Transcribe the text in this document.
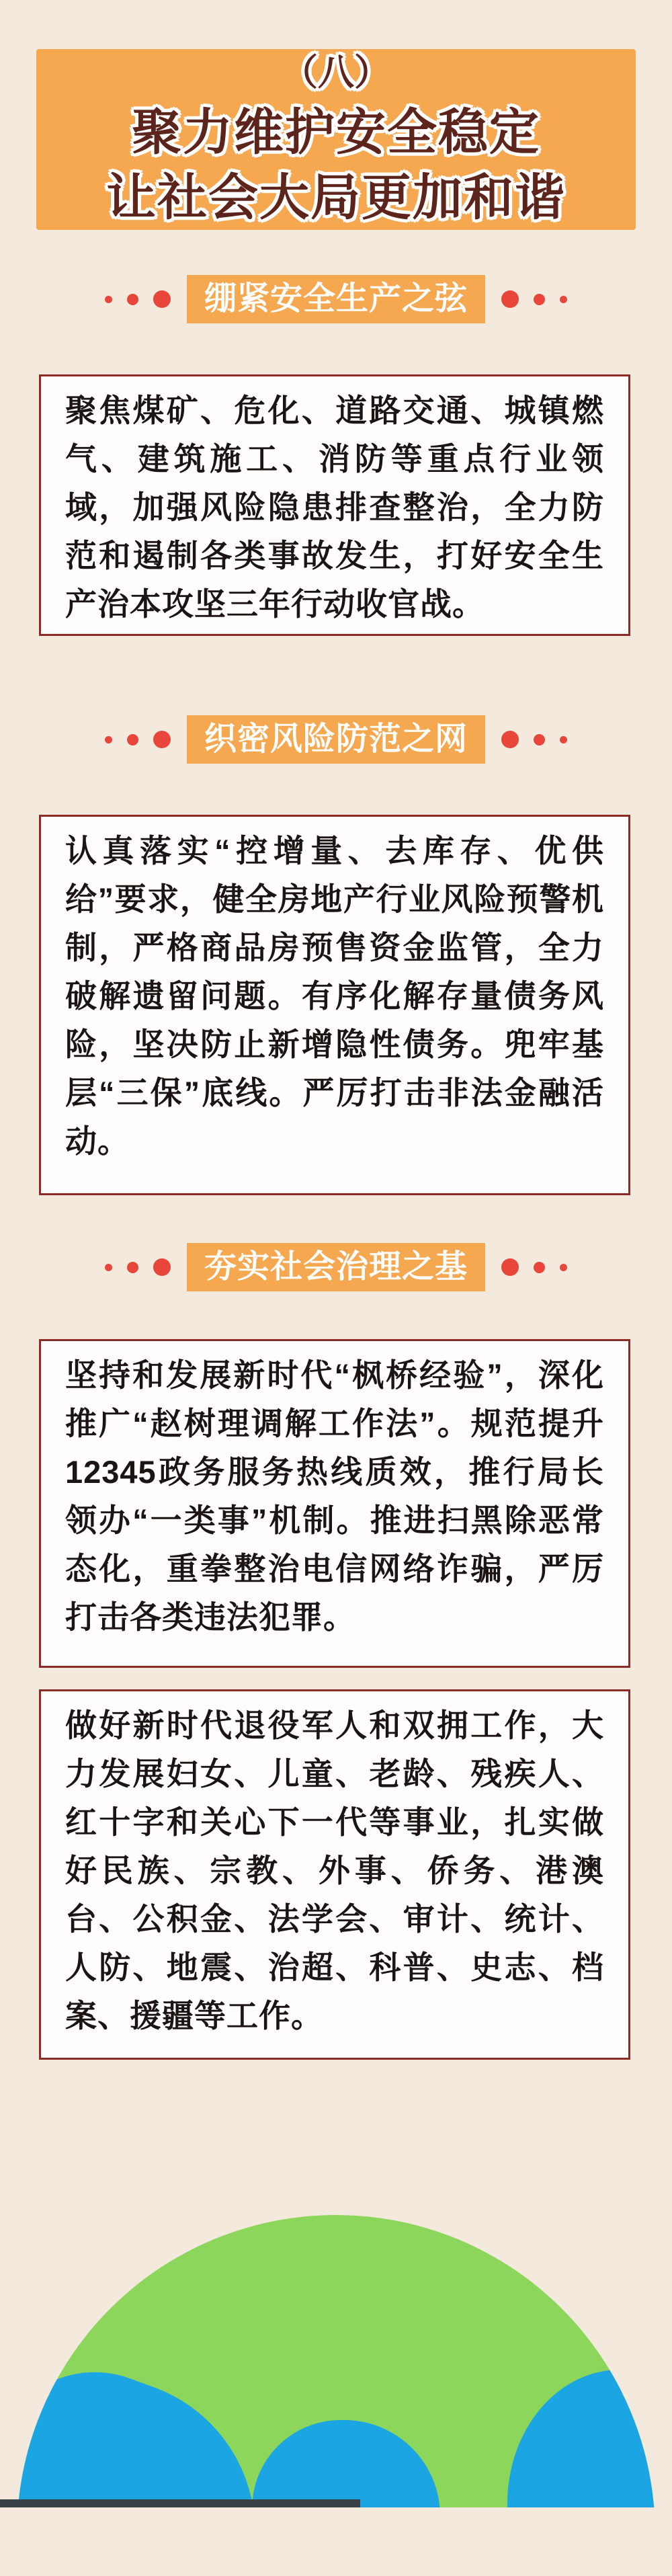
（八）
聚力维护安全稳定
让社会大局更加和谐
绷紧安全生产之弦

聚焦煤矿、危化、道路交通、城镇燃气、建筑施工、消防等重点行业领域，加强风险隐患排查整治，全力防范和遏制各类事故发生，打好安全生产治本攻坚三年行动收官战。

织密风险防范之网

认真落实“控增量、去库存、优供给”要求，健全房地产行业风险预警机制，严格商品房预售资金监管，全力破解遗留问题。有序化解存量债务风险，坚决防止新增隐性债务。兜牢基层“三保”底线。严厉打击非法金融活动。

夯实社会治理之基

坚持和发展新时代“枫桥经验”，深化推广“赵树理调解工作法”。规范提升12345政务服务热线质效，推行局长领办“一类事”机制。推进扫黑除恶常态化，重拳整治电信网络诈骗，严厉打击各类违法犯罪。

做好新时代退役军人和双拥工作，大力发展妇女、儿童、老龄、残疾人、红十字和关心下一代等事业，扎实做好民族、宗教、外事、侨务、港澳台、公积金、法学会、审计、统计、人防、地震、治超、科普、史志、档案、援疆等工作。
